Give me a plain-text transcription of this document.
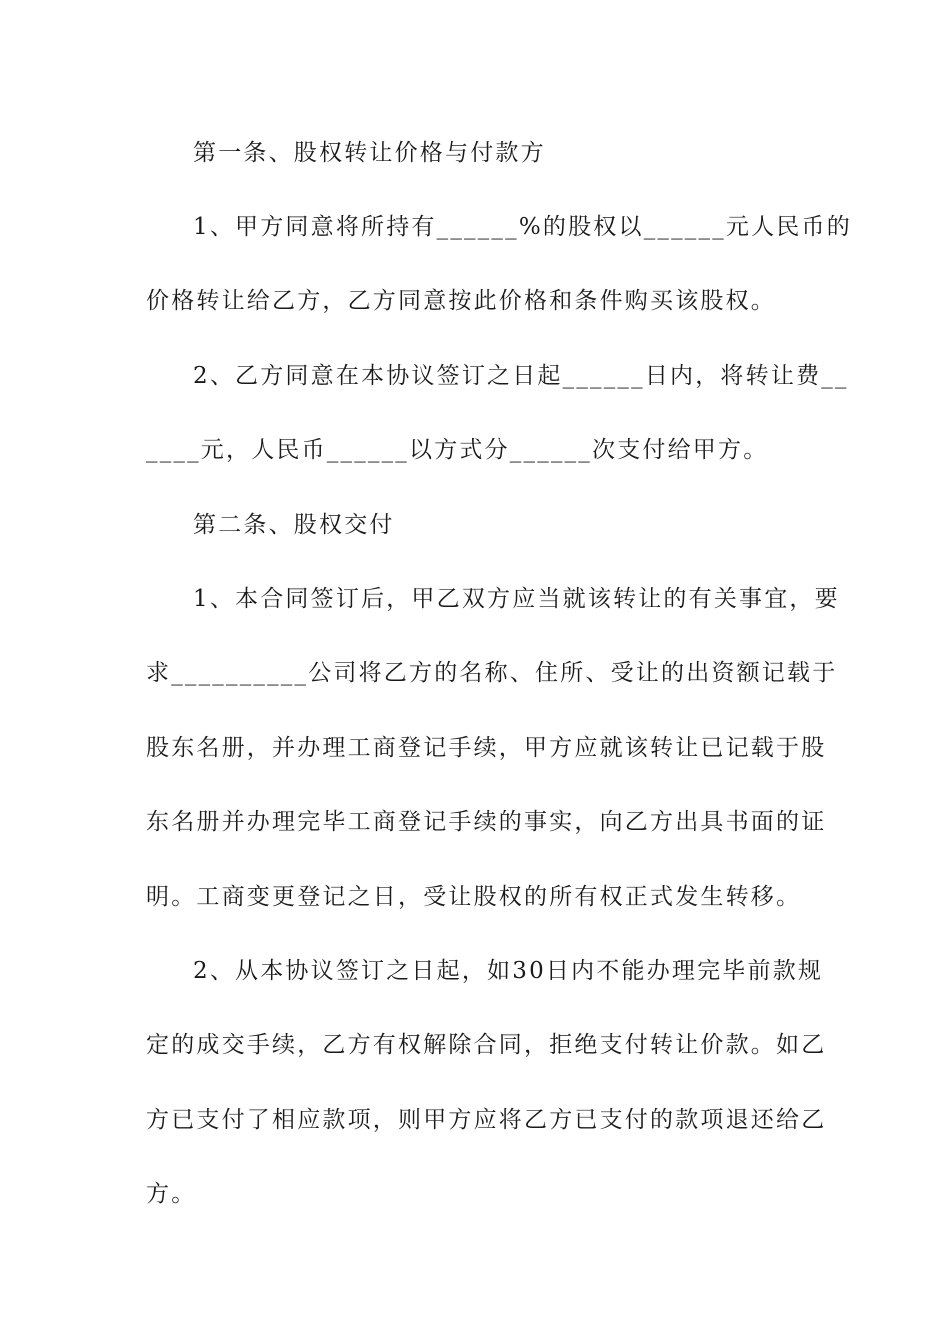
第一条、股权转让价格与付款方
1、甲方同意将所持有______%的股权以______元人民币的
价格转让给乙方，乙方同意按此价格和条件购买该股权。
2、乙方同意在本协议签订之日起______日内，将转让费__
____元，人民币______以方式分______次支付给甲方。
第二条、股权交付
1、本合同签订后，甲乙双方应当就该转让的有关事宜，要
求__________公司将乙方的名称、住所、受让的出资额记载于
股东名册，并办理工商登记手续，甲方应就该转让已记载于股
东名册并办理完毕工商登记手续的事实，向乙方出具书面的证
明。工商变更登记之日，受让股权的所有权正式发生转移。
2、从本协议签订之日起，如30日内不能办理完毕前款规
定的成交手续，乙方有权解除合同，拒绝支付转让价款。如乙
方已支付了相应款项，则甲方应将乙方已支付的款项退还给乙
方。
